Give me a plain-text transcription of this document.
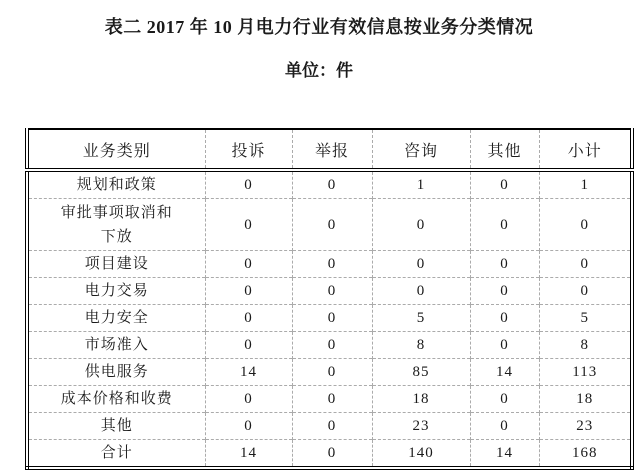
表二 2017 年 10 月电力行业有效信息按业务分类情况
单位：件
业务类别	投诉	举报	咨询	其他	小计
规划和政策	0	0	1	0	1
审批事项取消和下放	0	0	0	0	0
项目建设	0	0	0	0	0
电力交易	0	0	0	0	0
电力安全	0	0	5	0	5
市场准入	0	0	8	0	8
供电服务	14	0	85	14	113
成本价格和收费	0	0	18	0	18
其他	0	0	23	0	23
合计	14	0	140	14	168
